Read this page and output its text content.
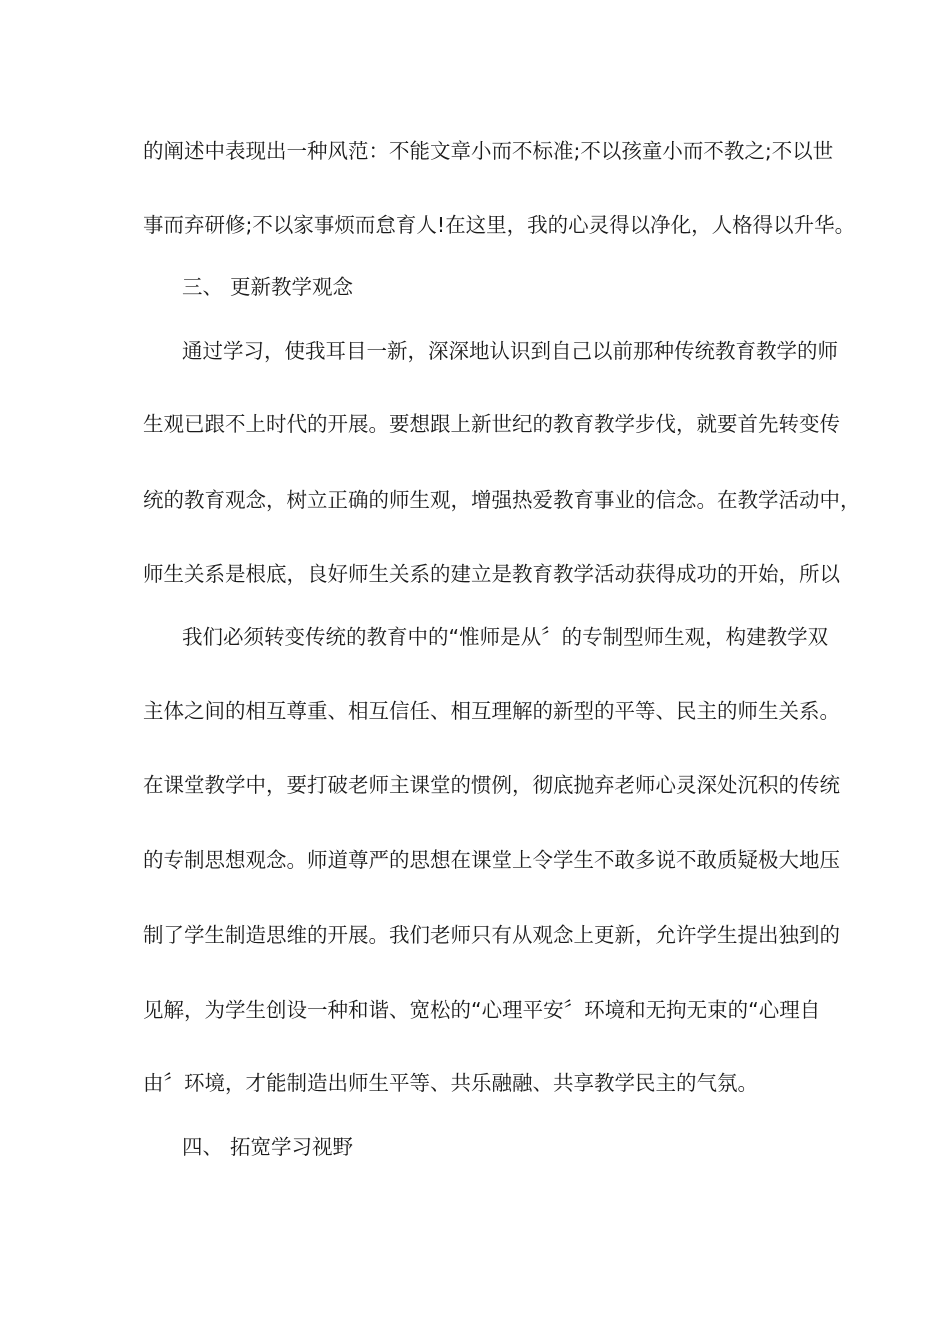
的阐述中表现出一种风范：不能文章小而不标准;不以孩童小而不教之;不以世
事而弃研修;不以家事烦而怠育人!在这里，我的心灵得以净化，人格得以升华。
三、 更新教学观念
通过学习，使我耳目一新，深深地认识到自己以前那种传统教育教学的师
生观已跟不上时代的开展。要想跟上新世纪的教育教学步伐，就要首先转变传
统的教育观念，树立正确的师生观，增强热爱教育事业的信念。在教学活动中，
师生关系是根底，良好师生关系的建立是教育教学活动获得成功的开始，所以
我们必须转变传统的教育中的“惟师是从〞的专制型师生观，构建教学双
主体之间的相互尊重、相互信任、相互理解的新型的平等、民主的师生关系。
在课堂教学中，要打破老师主课堂的惯例，彻底抛弃老师心灵深处沉积的传统
的专制思想观念。师道尊严的思想在课堂上令学生不敢多说不敢质疑极大地压
制了学生制造思维的开展。我们老师只有从观念上更新，允许学生提出独到的
见解，为学生创设一种和谐、宽松的“心理平安〞环境和无拘无束的“心理自
由〞环境，才能制造出师生平等、共乐融融、共享教学民主的气氛。
四、 拓宽学习视野
